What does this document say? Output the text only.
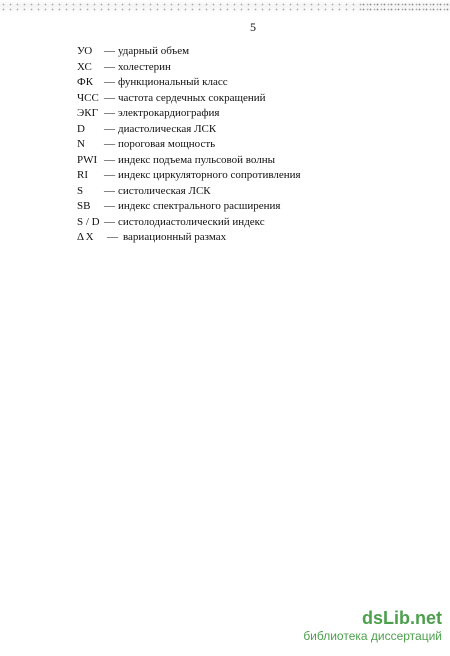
5
УО — ударный объем
ХС — холестерин
ФК — функциональный класс
ЧСС — частота сердечных сокращений
ЭКГ — электрокардиография
D — диастолическая ЛСК
N — пороговая мощность
PWI — индекс подъема пульсовой волны
RI — индекс циркуляторного сопротивления
S — систолическая ЛСК
SB — индекс спектрального расширения
S / D — систолодиастолический индекс
ΔX — вариационный размах
dsLib.net
библиотека диссертаций
